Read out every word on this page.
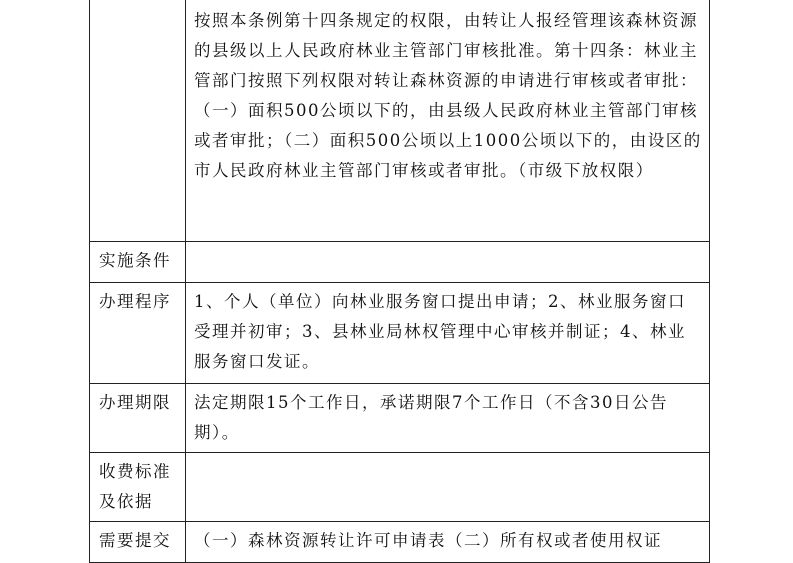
	按照本条例第十四条规定的权限，由转让人报经管理该森林资源的县级以上人民政府林业主管部门审核批准。第十四条：林业主管部门按照下列权限对转让森林资源的申请进行审核或者审批：（一）面积500公顷以下的，由县级人民政府林业主管部门审核或者审批；（二）面积500公顷以上1000公顷以下的，由设区的市人民政府林业主管部门审核或者审批。（市级下放权限）

实施条件	

办理程序	1、个人（单位）向林业服务窗口提出申请；2、林业服务窗口受理并初审；3、县林业局林权管理中心审核并制证；4、林业服务窗口发证。

办理期限	法定期限15个工作日，承诺期限7个工作日（不含30日公告期）。

收费标准及依据	

需要提交	（一）森林资源转让许可申请表（二）所有权或者使用权证
